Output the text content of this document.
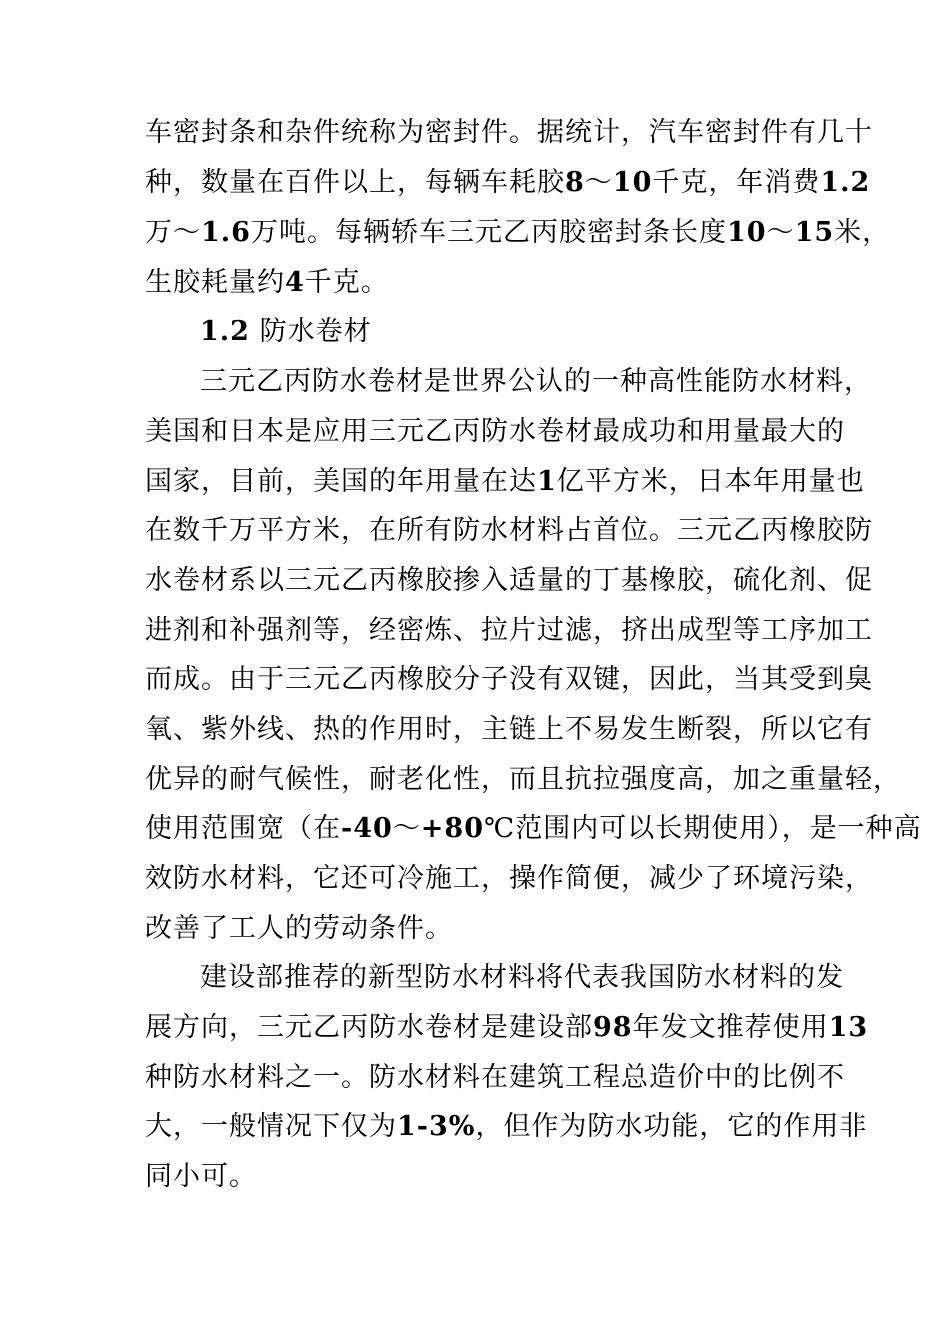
车密封条和杂件统称为密封件。据统计，汽车密封件有几十
种，数量在百件以上，每辆车耗胶8～10千克，年消费1.2
万～1.6万吨。每辆轿车三元乙丙胶密封条长度10～15米，
生胶耗量约4千克。
1.2 防水卷材
三元乙丙防水卷材是世界公认的一种高性能防水材料，
美国和日本是应用三元乙丙防水卷材最成功和用量最大的
国家，目前，美国的年用量在达1亿平方米，日本年用量也
在数千万平方米，在所有防水材料占首位。三元乙丙橡胶防
水卷材系以三元乙丙橡胶掺入适量的丁基橡胶，硫化剂、促
进剂和补强剂等，经密炼、拉片过滤，挤出成型等工序加工
而成。由于三元乙丙橡胶分子没有双键，因此，当其受到臭
氧、紫外线、热的作用时，主链上不易发生断裂，所以它有
优异的耐气候性，耐老化性，而且抗拉强度高，加之重量轻，
使用范围宽（在-40～+80℃范围内可以长期使用），是一种高
效防水材料，它还可冷施工，操作简便，减少了环境污染，
改善了工人的劳动条件。
建设部推荐的新型防水材料将代表我国防水材料的发
展方向，三元乙丙防水卷材是建设部98年发文推荐使用13
种防水材料之一。防水材料在建筑工程总造价中的比例不
大，一般情况下仅为1-3%，但作为防水功能，它的作用非
同小可。
